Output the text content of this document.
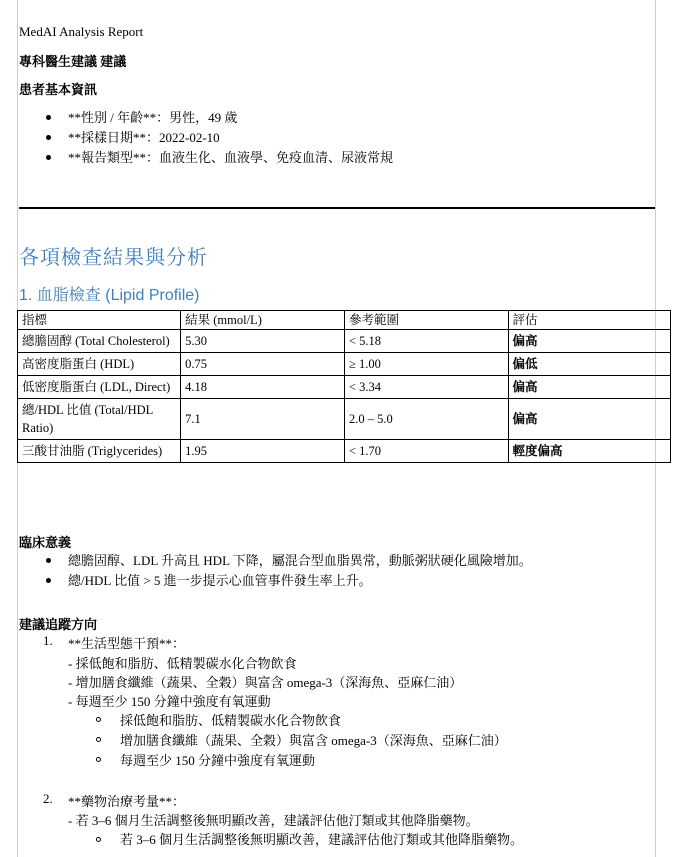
MedAI Analysis Report
專科醫生建議 建議
患者基本資訊
**性別 / 年齡**：男性，49 歲
**採樣日期**：2022-02-10
**報告類型**：血液生化、血液學、免疫血清、尿液常規
各項檢查結果與分析
1. 血脂檢查 (Lipid Profile)
指標	結果 (mmol/L)	參考範圍	評估
總膽固醇 (Total Cholesterol)	5.30	< 5.18	偏高
高密度脂蛋白 (HDL)	0.75	≥ 1.00	偏低
低密度脂蛋白 (LDL, Direct)	4.18	< 3.34	偏高
總/HDL 比值 (Total/HDL Ratio)	7.1	2.0 – 5.0	偏高
三酸甘油脂 (Triglycerides)	1.95	< 1.70	輕度偏高
臨床意義
總膽固醇、LDL 升高且 HDL 下降，屬混合型血脂異常，動脈粥狀硬化風險增加。
總/HDL 比值 > 5 進一步提示心血管事件發生率上升。
建議追蹤方向
1. **生活型態干預**：
- 採低飽和脂肪、低精製碳水化合物飲食
- 增加膳食纖維（蔬果、全穀）與富含 omega-3（深海魚、亞麻仁油）
- 每週至少 150 分鐘中強度有氧運動
採低飽和脂肪、低精製碳水化合物飲食
增加膳食纖維（蔬果、全穀）與富含 omega-3（深海魚、亞麻仁油）
每週至少 150 分鐘中強度有氧運動
2. **藥物治療考量**：
- 若 3–6 個月生活調整後無明顯改善，建議評估他汀類或其他降脂藥物。
若 3–6 個月生活調整後無明顯改善，建議評估他汀類或其他降脂藥物。
